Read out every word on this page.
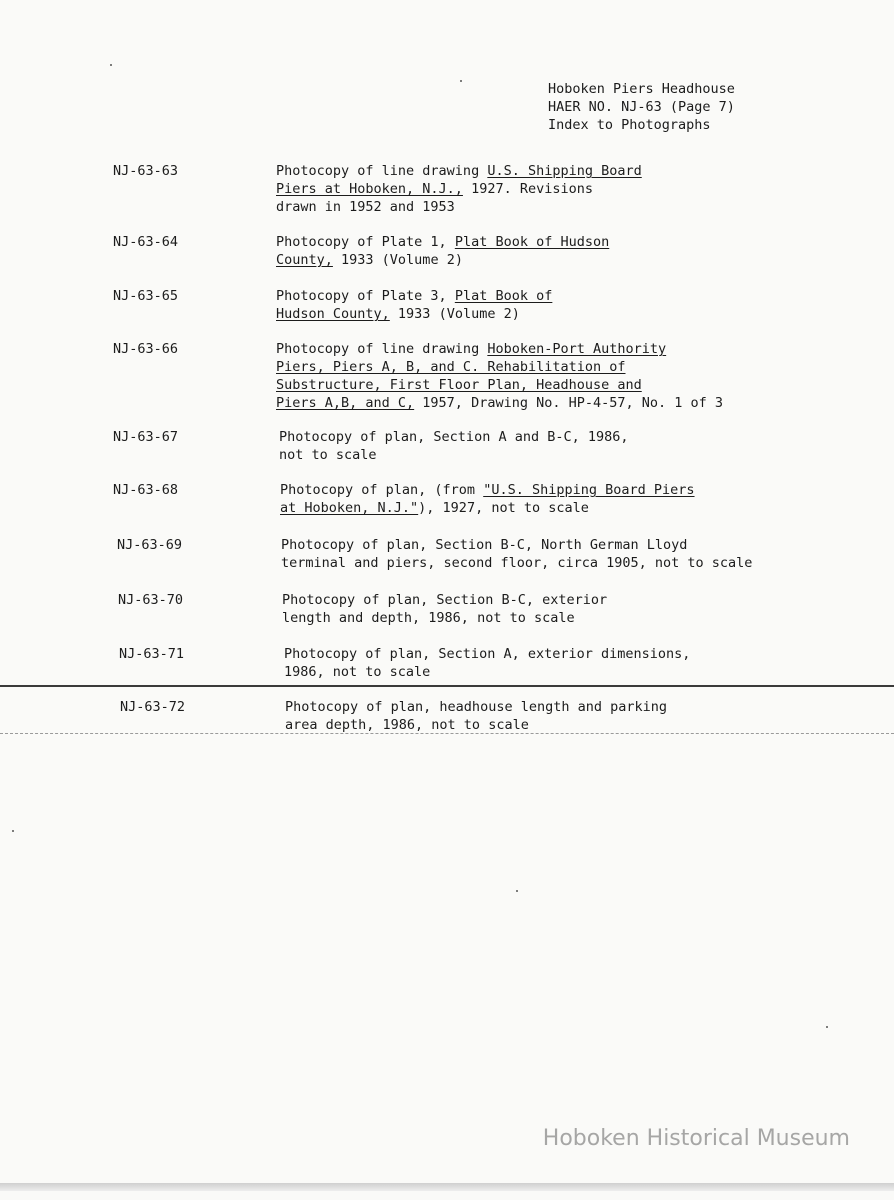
Hoboken Piers Headhouse
HAER NO. NJ-63 (Page 7)
Index to Photographs
NJ-63-63	Photocopy of line drawing U.S. Shipping Board
Piers at Hoboken, N.J., 1927. Revisions
drawn in 1952 and 1953
NJ-63-64	Photocopy of Plate 1, Plat Book of Hudson
County, 1933 (Volume 2)
NJ-63-65	Photocopy of Plate 3, Plat Book of
Hudson County, 1933 (Volume 2)
NJ-63-66	Photocopy of line drawing Hoboken-Port Authority
Piers, Piers A, B, and C. Rehabilitation of
Substructure, First Floor Plan, Headhouse and
Piers A,B, and C, 1957, Drawing No. HP-4-57, No. 1 of 3
NJ-63-67	Photocopy of plan, Section A and B-C, 1986,
not to scale
NJ-63-68	Photocopy of plan, (from "U.S. Shipping Board Piers
at Hoboken, N.J."), 1927, not to scale
NJ-63-69	Photocopy of plan, Section B-C, North German Lloyd
terminal and piers, second floor, circa 1905, not to scale
NJ-63-70	Photocopy of plan, Section B-C, exterior
length and depth, 1986, not to scale
NJ-63-71	Photocopy of plan, Section A, exterior dimensions,
1986, not to scale
NJ-63-72	Photocopy of plan, headhouse length and parking
area depth, 1986, not to scale
Hoboken Historical Museum
